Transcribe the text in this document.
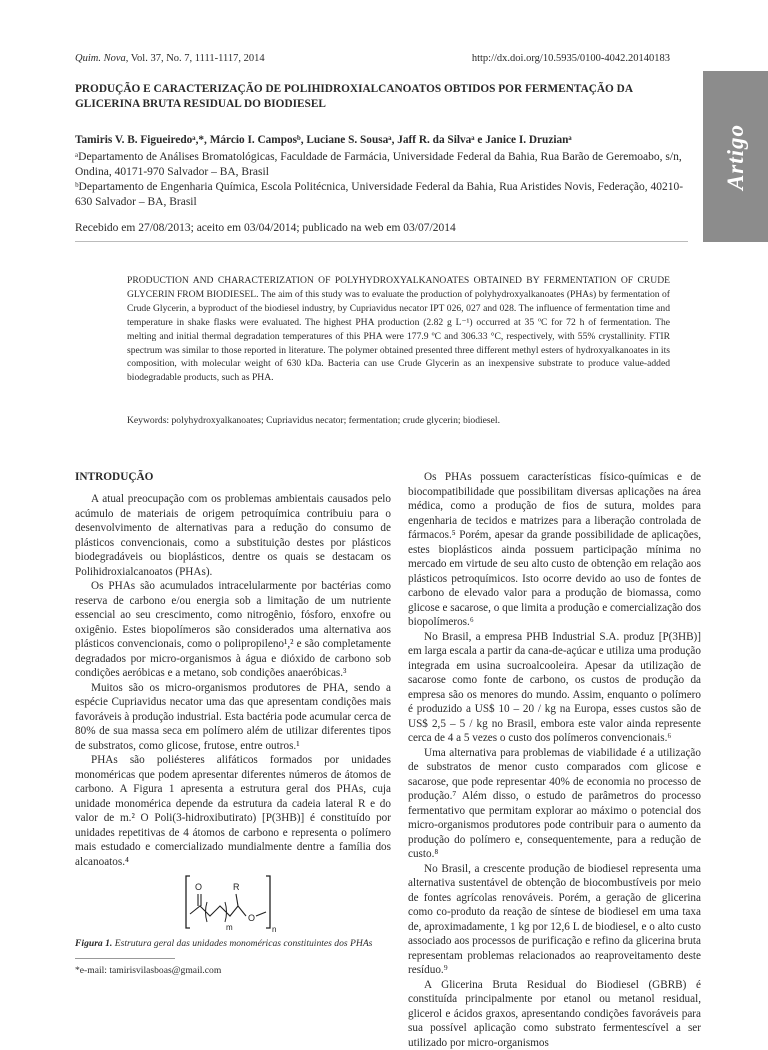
Quim. Nova, Vol. 37, No. 7, 1111-1117, 2014	http://dx.doi.org/10.5935/0100-4042.20140183
Artigo
PRODUÇÃO E CARACTERIZAÇÃO DE POLIHIDROXIALCANOATOS OBTIDOS POR FERMENTAÇÃO DA GLICERINA BRUTA RESIDUAL DO BIODIESEL
Tamiris V. B. Figueiredoᵃ,*, Márcio I. Camposᵇ, Luciane S. Sousaᵃ, Jaff R. da Silvaᵃ e Janice I. Druzianᵃ
ᵃDepartamento de Análises Bromatológicas, Faculdade de Farmácia, Universidade Federal da Bahia, Rua Barão de Geremoabo, s/n, Ondina, 40171-970 Salvador – BA, Brasil
ᵇDepartamento de Engenharia Química, Escola Politécnica, Universidade Federal da Bahia, Rua Aristides Novis, Federação, 40210-630 Salvador – BA, Brasil
Recebido em 27/08/2013; aceito em 03/04/2014; publicado na web em 03/07/2014
PRODUCTION AND CHARACTERIZATION OF POLYHYDROXYALKANOATES OBTAINED BY FERMENTATION OF CRUDE GLYCERIN FROM BIODIESEL. The aim of this study was to evaluate the production of polyhydroxyalkanoates (PHAs) by fermentation of Crude Glycerin, a byproduct of the biodiesel industry, by Cupriavidus necator IPT 026, 027 and 028. The influence of fermentation time and temperature in shake flasks were evaluated. The highest PHA production (2.82 g L⁻¹) occurred at 35 ºC for 72 h of fermentation. The melting and initial thermal degradation temperatures of this PHA were 177.9 ºC and 306.33 °C, respectively, with 55% crystallinity. FTIR spectrum was similar to those reported in literature. The polymer obtained presented three different methyl esters of hydroxyalkanoates in its composition, with molecular weight of 630 kDa. Bacteria can use Crude Glycerin as an inexpensive substrate to produce value-added biodegradable products, such as PHA.
Keywords: polyhydroxyalkanoates; Cupriavidus necator; fermentation; crude glycerin; biodiesel.
INTRODUÇÃO

A atual preocupação com os problemas ambientais causados pelo acúmulo de materiais de origem petroquímica contribuiu para o desenvolvimento de alternativas para a redução do consumo de plásticos convencionais, como a substituição destes por plásticos biodegradáveis ou bioplásticos, dentre os quais se destacam os Polihidroxialcanoatos (PHAs).

Os PHAs são acumulados intracelularmente por bactérias como reserva de carbono e/ou energia sob a limitação de um nutriente essencial ao seu crescimento, como nitrogênio, fósforo, enxofre ou oxigênio. Estes biopolímeros são considerados uma alternativa aos plásticos convencionais, como o polipropileno¹,² e são completamente degradados por micro-organismos à água e dióxido de carbono sob condições aeróbicas e a metano, sob condições anaeróbicas.³

Muitos são os micro-organismos produtores de PHA, sendo a espécie Cupriavidus necator uma das que apresentam condições mais favoráveis à produção industrial. Esta bactéria pode acumular cerca de 80% de sua massa seca em polímero além de utilizar diferentes tipos de substratos, como glicose, frutose, entre outros.¹

PHAs são poliésteres alifáticos formados por unidades monoméricas que podem apresentar diferentes números de átomos de carbono. A Figura 1 apresenta a estrutura geral dos PHAs, cuja unidade monomérica depende da estrutura da cadeia lateral R e do valor de m.² O Poli(3-hidroxibutirato) [P(3HB)] é constituído por unidades repetitivas de 4 átomos de carbono e representa o polímero mais estudado e comercializado mundialmente dentre a família dos alcanoatos.⁴

Os PHAs possuem características físico-químicas e de biocompatibilidade que possibilitam diversas aplicações na área médica, como a produção de fios de sutura, moldes para engenharia de tecidos e matrizes para a liberação controlada de fármacos.⁵ Porém, apesar da grande possibilidade de aplicações, estes bioplásticos ainda possuem participação mínima no mercado em virtude de seu alto custo de obtenção em relação aos plásticos petroquímicos. Isto ocorre devido ao uso de fontes de carbono de elevado valor para a produção de biomassa, como glicose e sacarose, o que limita a produção e comercialização dos biopolímeros.⁶

No Brasil, a empresa PHB Industrial S.A. produz [P(3HB)] em larga escala a partir da cana-de-açúcar e utiliza uma produção integrada em usina sucroalcooleira. Apesar da utilização de sacarose como fonte de carbono, os custos de produção da empresa são os menores do mundo. Assim, enquanto o polímero é produzido a US$ 10 – 20 / kg na Europa, esses custos são de US$ 2,5 – 5 / kg no Brasil, embora este valor ainda represente cerca de 4 a 5 vezes o custo dos polímeros convencionais.⁶

Uma alternativa para problemas de viabilidade é a utilização de substratos de menor custo comparados com glicose e sacarose, que pode representar 40% de economia no processo de produção.⁷ Além disso, o estudo de parâmetros do processo fermentativo que permitam explorar ao máximo o potencial dos micro-organismos produtores pode contribuir para o aumento da produção do polímero e, consequentemente, para a redução de custo.⁸

No Brasil, a crescente produção de biodiesel representa uma alternativa sustentável de obtenção de biocombustíveis por meio de fontes agrícolas renováveis. Porém, a geração de glicerina como co-produto da reação de síntese de biodiesel em uma taxa de, aproximadamente, 1 kg por 12,6 L de biodiesel, e o alto custo associado aos processos de purificação e refino da glicerina bruta representam problemas relacionados ao reaproveitamento deste resíduo.⁹

A Glicerina Bruta Residual do Biodiesel (GBRB) é constituída principalmente por etanol ou metanol residual, glicerol e ácidos graxos, apresentando condições favoráveis para sua possível aplicação como substrato fermentescível a ser utilizado por micro-organismos

O	R
O
m	n
Figura 1. Estrutura geral das unidades monoméricas constituintes dos PHAs
*e-mail: tamirisvilasboas@gmail.com
